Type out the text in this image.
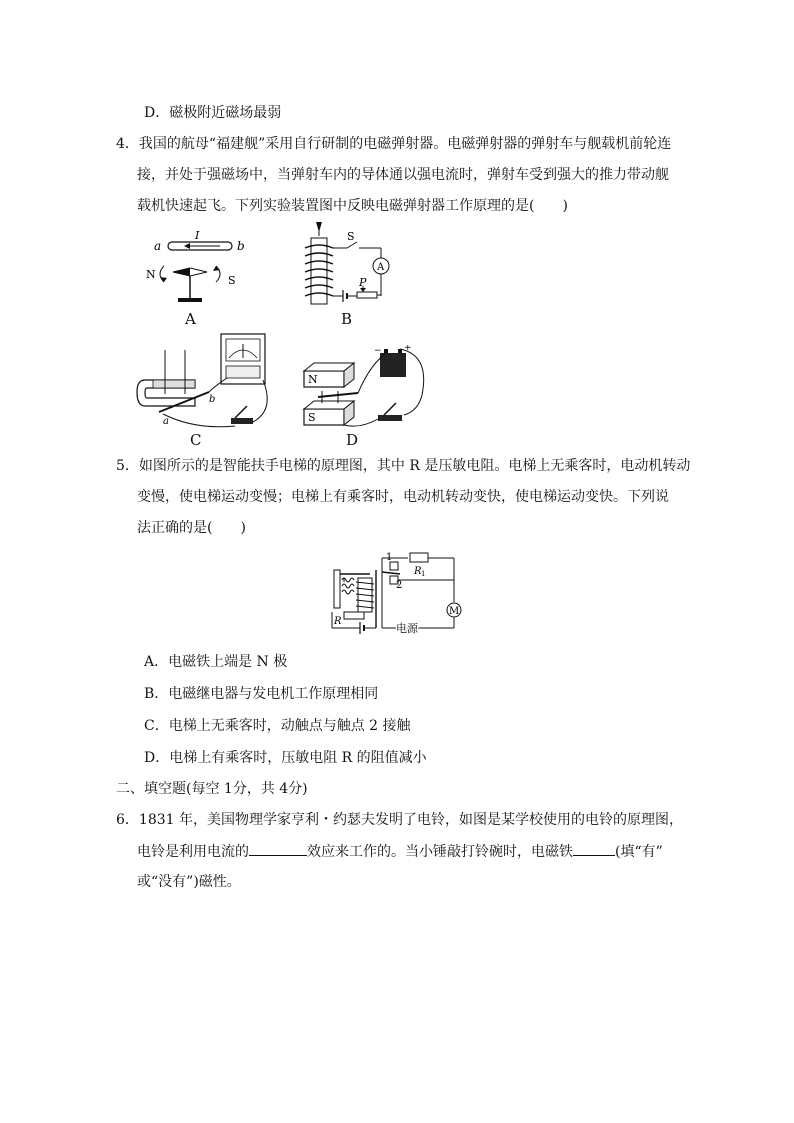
D．磁极附近磁场最弱
4．我国的航母“福建舰”采用自行研制的电磁弹射器。电磁弹射器的弹射车与舰载机前轮连
接，并处于强磁场中，当弹射车内的导体通以强电流时，弹射车受到强大的推力带动舰
载机快速起飞。下列实验装置图中反映电磁弹射器工作原理的是(　　)
a	b
I
N	S
A
A
P
S
B
a
b
C
N
S
− +
D
5．如图所示的是智能扶手电梯的原理图，其中 R 是压敏电阻。电梯上无乘客时，电动机转动
变慢，使电梯运动变慢；电梯上有乘客时，电动机转动变快，使电梯运动变快。下列说
法正确的是(　　)
1
2
R 1
M
电源
R
A．电磁铁上端是 N 极
B．电磁继电器与发电机工作原理相同
C．电梯上无乘客时，动触点与触点 2 接触
D．电梯上有乘客时，压敏电阻 R 的阻值减小
二、填空题(每空 1分，共 4分)
6．1831 年，美国物理学家亨利・约瑟夫发明了电铃，如图是某学校使用的电铃的原理图，
电铃是利用电流的	效应来工作的。当小锤敲打铃碗时，电磁铁	(填“有”
或“没有”)磁性。
